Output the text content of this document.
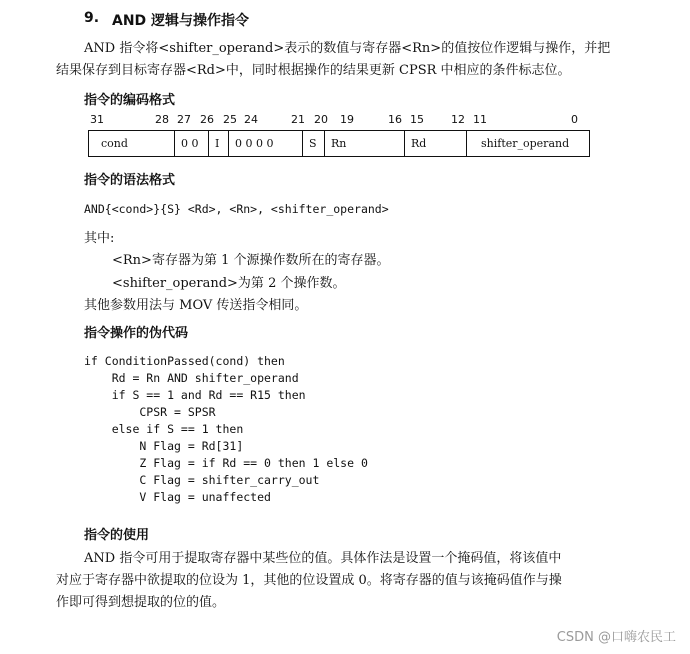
9. AND 逻辑与操作指令
AND 指令将<shifter_operand>表示的数值与寄存器<Rn>的值按位作逻辑与操作，并把
结果保存到目标寄存器<Rd>中，同时根据操作的结果更新 CPSR 中相应的条件标志位。
指令的编码格式
31	28 27 26 25 24	21 20 19	16 15 12 11	0
cond	0 0	I	0 0 0 0	S	Rn	Rd	shifter_operand
指令的语法格式
AND{<cond>}{S} <Rd>, <Rn>, <shifter_operand>
其中:
<Rn>寄存器为第 1 个源操作数所在的寄存器。
<shifter_operand>为第 2 个操作数。
其他参数用法与 MOV 传送指令相同。
指令操作的伪代码
if ConditionPassed(cond) then
Rd = Rn AND shifter_operand
if S == 1 and Rd == R15 then
CPSR = SPSR
else if S == 1 then
N Flag = Rd[31]
Z Flag = if Rd == 0 then 1 else 0
C Flag = shifter_carry_out
V Flag = unaffected
指令的使用
AND 指令可用于提取寄存器中某些位的值。具体作法是设置一个掩码值，将该值中
对应于寄存器中欲提取的位设为 1，其他的位设置成 0。将寄存器的值与该掩码值作与操
作即可得到想提取的位的值。
CSDN @口嗨农民工
